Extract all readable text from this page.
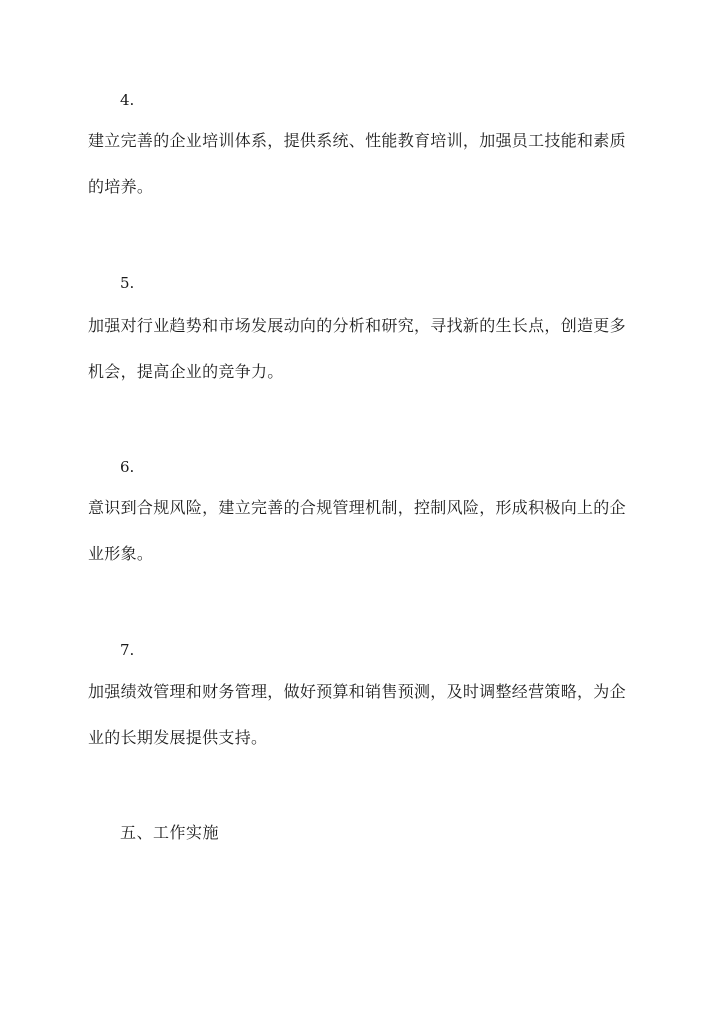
4.

建立完善的企业培训体系，提供系统、性能教育培训，加强员工技能和素质的培养。

5.

加强对行业趋势和市场发展动向的分析和研究，寻找新的生长点，创造更多机会，提高企业的竞争力。

6.

意识到合规风险，建立完善的合规管理机制，控制风险，形成积极向上的企业形象。

7.

加强绩效管理和财务管理，做好预算和销售预测，及时调整经营策略，为企业的长期发展提供支持。

五、工作实施
